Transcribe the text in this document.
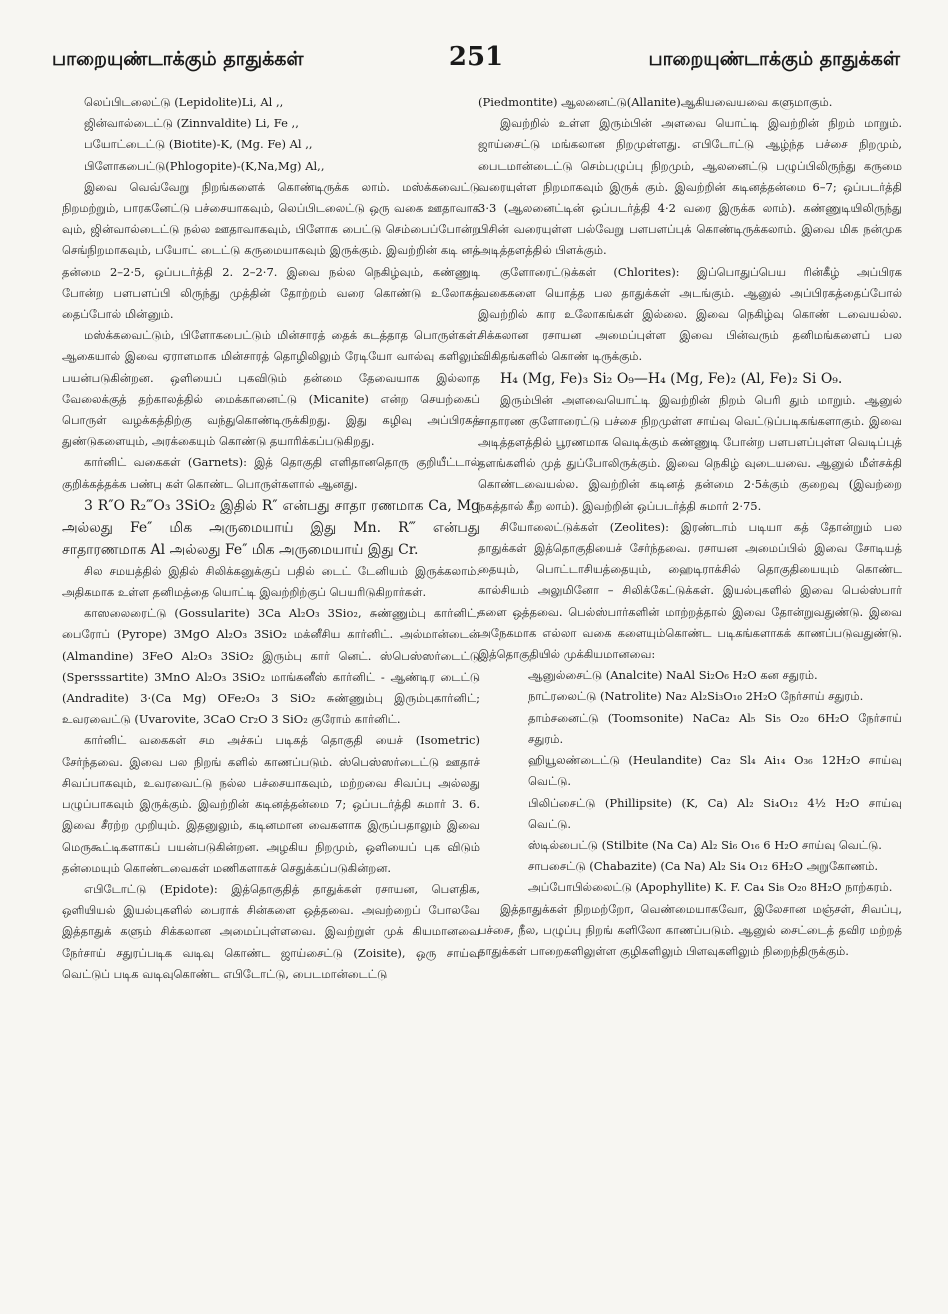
பாறையுண்டாக்கும் தாதுக்கள்	251	பாறையுண்டாக்கும் தாதுக்கள்

லெப்பிடலைட்டு (Lepidolite)Li, Al ,,

ஜின்வால்டைட்டு (Zinnvaldite) Li, Fe ,,

பயோட்டைட்டு (Biotite)-K, (Mg. Fe) Al ,,

பிளோகபைட்டு(Phlogopite)-(K,Na,Mg) Al,,

இவை வெவ்வேறு நிறங்களைக் கொண்டிருக்க லாம். மஸ்க்கவைட்டு நிறமற்றும், பாரகனேட்டு பச்சையாகவும், லெப்பிடலைட்டு ஒரு வகை ஊதாவாக வும், ஜின்வால்டைட்டு நல்ல ஊதாவாகவும், பிளோக பைட்டு செம்பைப்போன்ற செங்நிறமாகவும், பயோட் டைட்டு கருமையாகவும் இருக்கும். இவற்றின் கடி னத் தன்மை 2–2·5, ஒப்படர்த்தி 2. 2–2·7. இவை நல்ல நெகிழ்வும், கண்ணுடி போன்ற பளபளப்பி லிருந்து முத்தின் தோற்றம் வரை கொண்டு உலோகத் தைப்போல் மின்னும்.

மஸ்க்கவைட்டும், பிளோகபைட்டும் மின்சாரத் தைக் கடத்தாத பொருள்கள். ஆகையால் இவை ஏராளமாக மின்சாரத் தொழிலிலும் ரேடியோ வால்வு களிலும் பயன்படுகின்றன. ஒளியைப் புகவிடும் தன்மை தேவையாக இல்லாத வேலைக்குத் தற்காலத்தில் மைக்கானைட்டு (Micanite) என்ற செயற்கைப் பொருள் வழக்கத்திற்கு வந்துகொண்டிருக்கிறது. இது கழிவு அப்பிரகத் துண்டுகளையும், அரக்கையும் கொண்டு தயாரிக்கப்படுகிறது.

கார்னிட் வகைகள் (Garnets): இத் தொகுதி எளிதானதொரு குறியீட்டால் குறிக்கத்தக்க பண்பு கள் கொண்ட பொருள்களால் ஆனது.

3 R″O R₂‴O₃ 3SiO₂ இதில் R″ என்பது சாதா ரணமாக Ca, Mg அல்லது Fe″ மிக அருமையாய் இது Mn. R‴ என்பது சாதாரணமாக Al அல்லது Fe″ மிக அருமையாய் இது Cr.

சில சமயத்தில் இதில் சிலிக்கனுக்குப் பதில் டைட் டேனியம் இருக்கலாம். அதிகமாக உள்ள தனிமத்தை யொட்டி இவற்றிற்குப் பெயரிடுகிறார்கள்.

காஸலைரைட்டு (Gossularite) 3Ca Al₂O₃ 3Sio₂, சுண்ணும்பு கார்னிட்; பைரோப் (Pyrope) 3MgO Al₂O₃ 3SiO₂ மக்னீசிய கார்னிட். அல்மான்டைன் (Almandine) 3FeO Al₂O₃ 3SiO₂ இரும்பு கார் னெட். ஸ்பெஸ்ஸர்டைட்டு (Spersssartite) 3MnO Al₂O₃ 3SiO₂ மாங்கனீஸ் கார்னிட் - ஆண்டிர டைட்டு (Andradite) 3·(Ca Mg) OFe₂O₃ 3 SiO₂ சுண்ணும்பு இரும்புகார்னிட்; உவரவைட்டு (Uvarovite, 3CaO Cr₂O 3 SiO₂ குரோம் கார்னிட்.

கார்னிட் வகைகள் சம அச்சுப் படிகத் தொகுதி யைச் (Isometric) சேர்ந்தவை. இவை பல நிறங் களில் காணப்படும். ஸ்பெஸ்ஸர்டைட்டு ஊதாச் சிவப்பாகவும், உவரவைட்டு நல்ல பச்சையாகவும், மற்றவை சிவப்பு அல்லது பழுப்பாகவும் இருக்கும். இவற்றின் கடினத்தன்மை 7; ஒப்படர்த்தி சுமார் 3. 6. இவை சீரற்ற முறியும். இதனுலும், கடினமான வைகளாக இருப்பதாலும் இவை மெருகூட்டிகளாகப் பயன்படுகின்றன. அழகிய நிறமும், ஒளியைப் புக விடும் தன்மையும் கொண்டவைகள் மணிகளாகச் செதுக்கப்படுகின்றன.

எபிடோட்டு (Epidote): இத்தொகுதித் தாதுக்கள் ரசாயன, பௌதிக, ஒளியியல் இயல்புகளில் பைராக் சின்களை ஒத்தவை. அவற்றைப் போலவே இத்தாதுக் களும் சிக்கலான அமைப்புள்ளவை. இவற்றுள் முக் கியமானவை நேர்சாய் சதுரப்படிக வடிவு கொண்ட ஜாய்சைட்டு (Zoisite), ஒரு சாய்வு வெட்டுப் படிக வடிவுகொண்ட எபிடோட்டு, பைடமான்டைட்டு

(Piedmontite) ஆலனைட்டு(Allanite)ஆகியவையவை களுமாகும்.

இவற்றில் உள்ள இரும்பின் அளவை யொட்டி இவற்றின் நிறம் மாறும். ஜாய்சைட்டு மங்கலான நிறமுள்ளது. எபிடோட்டு ஆழ்ந்த பச்சை நிறமும், பைடமான்டைட்டு செம்பழுப்பு நிறமும், ஆலனைட்டு பழுப்பிலிருந்து கருமை வரையுள்ள நிறமாகவும் இருக் கும். இவற்றின் கடினத்தன்மை 6–7; ஒப்படர்த்தி 3·3 (ஆலனைட்டின் ஒப்படர்த்தி 4·2 வரை இருக்க லாம்). கண்ணுடியிலிருந்து பிசின் வரையுள்ள பல்வேறு பளபளப்புக் கொண்டிருக்கலாம். இவை மிக நன்முக அடித்தளத்தில் பிளக்கும்.

குளோரைட்டுக்கள் (Chlorites): இப்பொதுப்பெய ரின்கீழ் அப்பிரக வகைகளை யொத்த பல தாதுக்கள் அடங்கும். ஆனுல் அப்பிரகத்தைப்போல் இவற்றில் கார உலோகங்கள் இல்லை. இவை நெகிழ்வு கொண் டவையல்ல. சிக்கலான ரசாயன அமைப்புள்ள இவை பின்வரும் தனிமங்களைப் பல விகிதங்களில் கொண் டிருக்கும்.

H₄ (Mg, Fe)₃ Si₂ O₉—H₄ (Mg, Fe)₂ (Al, Fe)₂ Si O₉.

இரும்பின் அளவையொட்டி இவற்றின் நிறம் பெரி தும் மாறும். ஆனுல் சாதாரண குளோரைட்டு பச்சை நிறமுள்ள சாய்வு வெட்டுப்படிகங்களாகும். இவை அடித்தளத்தில் பூரணமாக வெடிக்கும் கண்ணுடி போன்ற பளபளப்புள்ள வெடிப்புத் தளங்களில் முத் துப்போலிருக்கும். இவை நெகிழ் வுடையவை. ஆனுல் மீள்சக்தி கொண்டவையல்ல. இவற்றின் கடினத் தன்மை 2·5க்கும் குறைவு (இவற்றை நகத்தால் கீற லாம்). இவற்றின் ஒப்படர்த்தி சுமார் 2·75.

சியோலைட்டுக்கள் (Zeolites): இரண்டாம் படியா கத் தோன்றும் பல தாதுக்கள் இத்தொகுதியைச் சேர்ந்தவை. ரசாயன அமைப்பில் இவை சோடியத் தையும், பொட்டாசியத்தையும், ஹைடிராக்சில் தொகுதியையும் கொண்ட கால்சியம் அலுமினோ – சிலிக்கேட்டுக்கள். இயல்புகளில் இவை பெல்ஸ்பார் களை ஒத்தவை. பெல்ஸ்பார்களின் மாற்றத்தால் இவை தோன்றுவதுண்டு. இவை அநேகமாக எல்லா வகை களையும்கொண்ட படிகங்களாகக் காணப்படுவதுண்டு. இத்தொகுதியில் முக்கியமானவை:

ஆனுல்சைட்டு (Analcite) NaAl Si₂O₆ H₂O கன சதுரம்.

நாட்ரலைட்டு (Natrolite) Na₂ Al₂Si₃O₁₀ 2H₂O நேர்சாய் சதுரம்.

தாம்சனைட்டு (Toomsonite) NaCa₂ Al₅ Si₅ O₂₀ 6H₂O நேர்சாய் சதுரம்.

ஹியூலண்டைட்டு (Heulandite) Ca₂ Sl₄ Ai₁₄ O₃₆ 12H₂O சாய்வு வெட்டு.

பிலிப்சைட்டு (Phillipsite) (K, Ca) Al₂ Si₄O₁₂ 4½ H₂O சாய்வு வெட்டு.

ஸ்டில்பைட்டு (Stilbite (Na Ca) Al₂ Si₆ O₁₆ 6 H₂O சாய்வு வெட்டு.

சாபசைட்டு (Chabazite) (Ca Na) Al₂ Si₄ O₁₂ 6H₂O அறுகோணம்.

அப்போபில்லைட்டு (Apophyllite) K. F. Ca₄ Si₈ O₂₀ 8H₂O நாற்கரம்.

இத்தாதுக்கள் நிறமற்றோ, வெண்மையாகவோ, இலேசான மஞ்சள், சிவப்பு, பச்சை, நீல, பழுப்பு நிறங் களிலோ காணப்படும். ஆனுல் சைட்டைத் தவிர மற்றத் தாதுக்கள் பாறைகளிலுள்ள குழிகளிலும் பிளவுகளிலும் நிறைந்திருக்கும்.
